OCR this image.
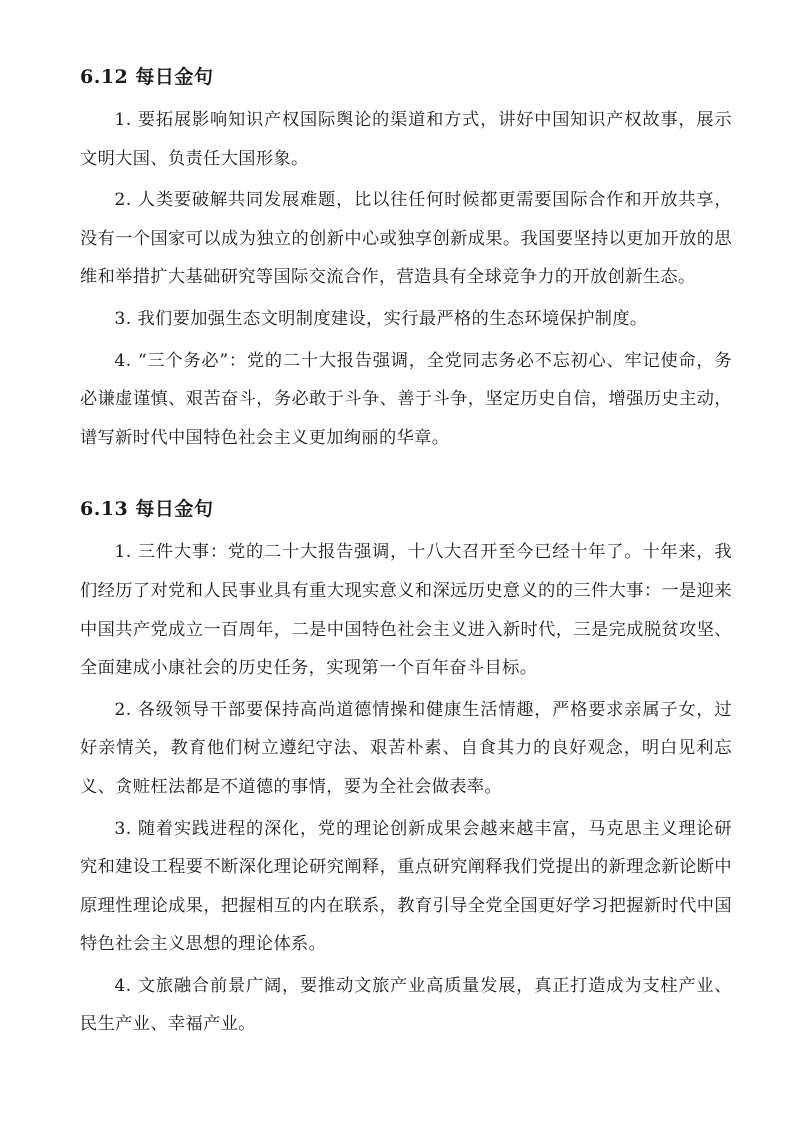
6.12 每日金句

1. 要拓展影响知识产权国际舆论的渠道和方式，讲好中国知识产权故事，展示文明大国、负责任大国形象。

2. 人类要破解共同发展难题，比以往任何时候都更需要国际合作和开放共享，没有一个国家可以成为独立的创新中心或独享创新成果。我国要坚持以更加开放的思维和举措扩大基础研究等国际交流合作，营造具有全球竞争力的开放创新生态。

3. 我们要加强生态文明制度建设，实行最严格的生态环境保护制度。

4. “三个务必”：党的二十大报告强调，全党同志务必不忘初心、牢记使命，务必谦虚谨慎、艰苦奋斗，务必敢于斗争、善于斗争，坚定历史自信，增强历史主动，谱写新时代中国特色社会主义更加绚丽的华章。

6.13 每日金句

1. 三件大事：党的二十大报告强调，十八大召开至今已经十年了。十年来，我们经历了对党和人民事业具有重大现实意义和深远历史意义的的三件大事：一是迎来中国共产党成立一百周年，二是中国特色社会主义进入新时代，三是完成脱贫攻坚、全面建成小康社会的历史任务，实现第一个百年奋斗目标。

2. 各级领导干部要保持高尚道德情操和健康生活情趣，严格要求亲属子女，过好亲情关，教育他们树立遵纪守法、艰苦朴素、自食其力的良好观念，明白见利忘义、贪赃枉法都是不道德的事情，要为全社会做表率。

3. 随着实践进程的深化，党的理论创新成果会越来越丰富，马克思主义理论研究和建设工程要不断深化理论研究阐释，重点研究阐释我们党提出的新理念新论断中原理性理论成果，把握相互的内在联系，教育引导全党全国更好学习把握新时代中国特色社会主义思想的理论体系。

4. 文旅融合前景广阔，要推动文旅产业高质量发展，真正打造成为支柱产业、民生产业、幸福产业。
